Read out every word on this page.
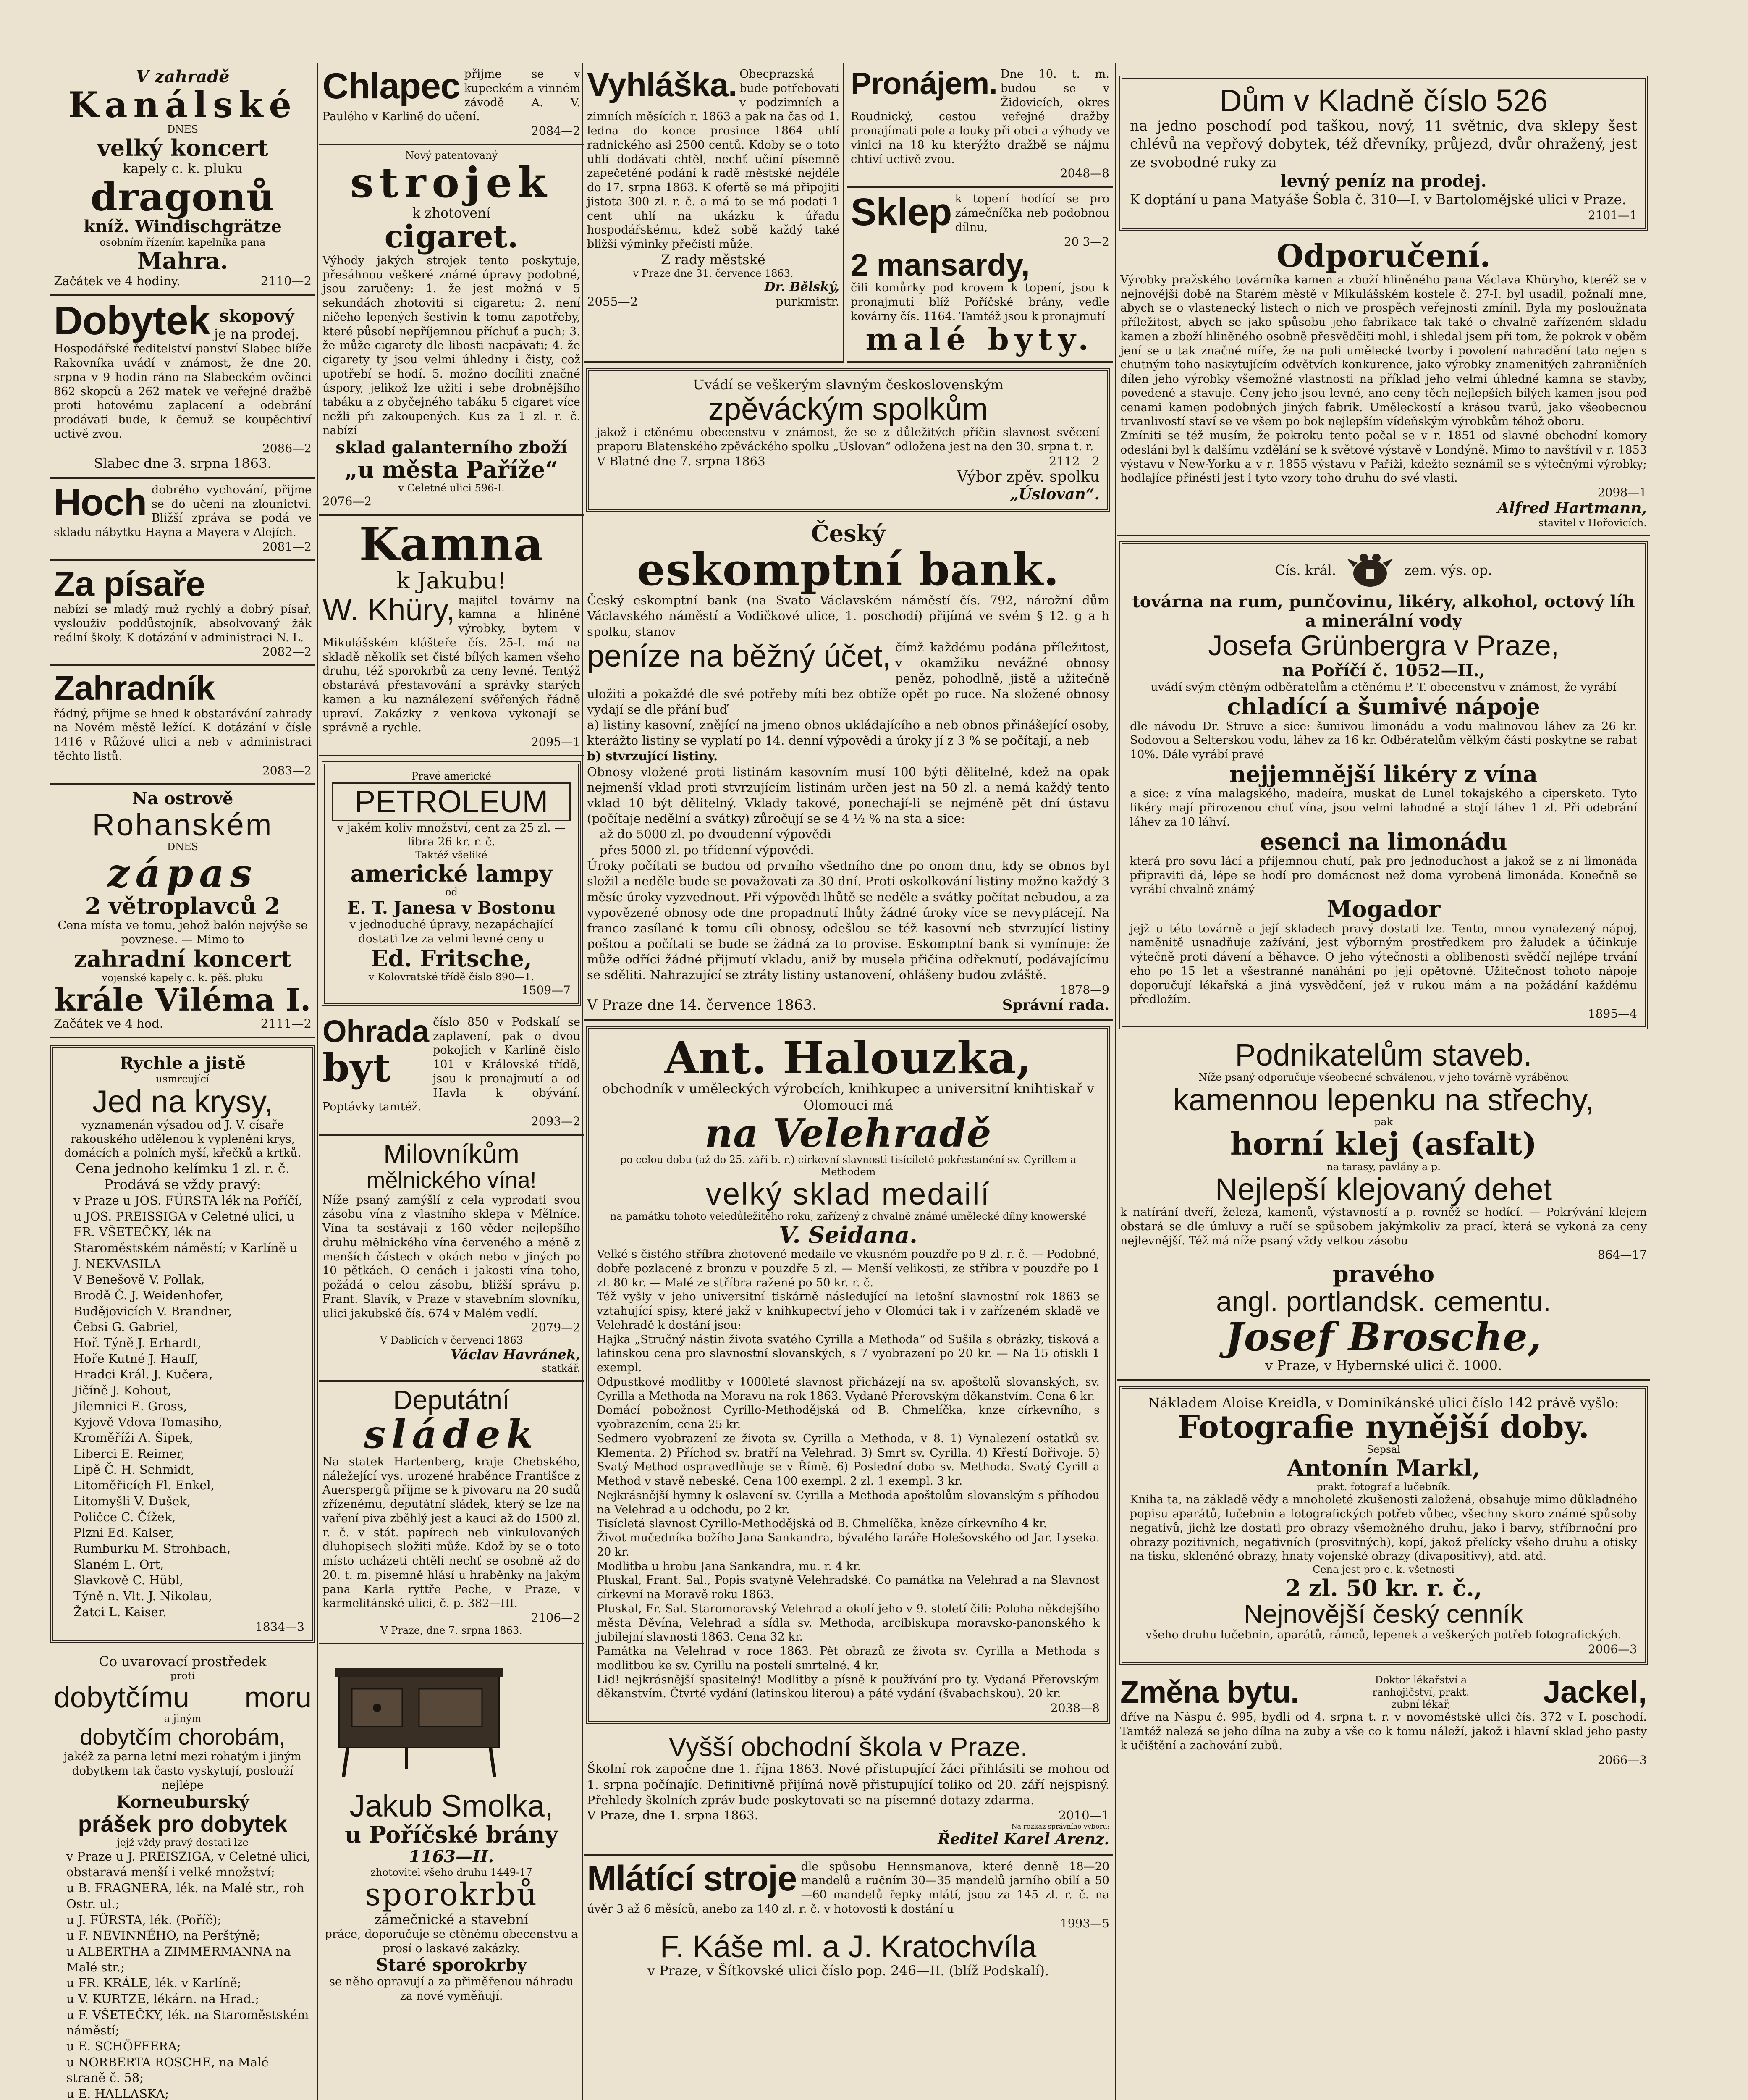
V zahradě
Kanálské
DNES
velký koncert
kapely c. k. pluku
dragonů
kníž. Windischgrätze
osobním řízením kapelníka pana
Mahra.
Začátek ve 4 hodiny.	2110—2
Dobytek skopový
je na prodej.
Hospodářské ředitelství panství Slabec blíže Rakovníka uvádí v známost, že dne 20. srpna v 9 hodin ráno na Slabeckém ovčinci 862 skopců a 262 matek ve veřejné dražbě proti hotovému zaplacení a odebrání prodávati bude, k čemuž se koupěchtiví uctivě zvou.
2086—2
Slabec dne 3. srpna 1863.
Hoch dobrého vychování, přijme se do učení na zlounictví. Bližší zpráva se podá ve skladu nábytku Hayna a Mayera v Alejích.
2081—2
Za písaře
nabízí se mladý muž rychlý a dobrý písař, vyslouživ poddůstojník, absolvovaný žák reální školy. K dotázání v administraci N. L.
2082—2
Zahradník
řádný, přijme se hned k obstarávání zahrady na Novém městě ležící. K dotázání v čísle 1416 v Růžové ulici a neb v administraci těchto listů.
2083—2
Na ostrově
Rohanském
DNES
zápas
2 větroplavců 2
Cena místa ve tomu, jehož balón nejvýše se povznese. — Mimo to
zahradní koncert
vojenské kapely c. k. pěš. pluku
krále Viléma I.
Začátek ve 4 hod.	2111—2
Rychle a jistě
usmrcující
Jed na krysy,
vyznamenán výsadou od J. V. císaře rakouského udělenou k vyplenění krys, domácích a polních myší, křečků a krtků.
Cena jednoho kelímku 1 zl. r. č.
Prodává se vždy pravý:
v Praze u JOS. FÜRSTA lék na Poříčí, u JOS. PREISSIGA v Celetné ulici, u FR. VŠETEČKY, lék na Staroměstském náměstí; v Karlíně u J. NEKVASILA
V Benešově V. Pollak,
Brodě Č. J. Weidenhofer,
Budějovicích V. Brandner,
Čebsi G. Gabriel,
Hoř. Týně J. Erhardt,
Hoře Kutné J. Hauff,
Hradci Král. J. Kučera,
Jičíně J. Kohout,
Jilemnici E. Gross,
Kyjově Vdova Tomasiho,
Kroměříži A. Šipek,
Liberci E. Reimer,
Lipě Č. H. Schmidt,
Litoměřicích Fl. Enkel,
Litomyšli V. Dušek,
Poličce C. Čížek,
Plzni Ed. Kalser,
Rumburku M. Strohbach,
Slaném L. Ort,
Slavkově C. Hübl,
Týně n. Vlt. J. Nikolau,
Žatci L. Kaiser.
1834—3
Co uvarovací prostředek
proti
dobytčímu moru
a jiným
dobytčím chorobám,
jakéž za parna letní mezi rohatým i jiným dobytkem tak často vyskytují, poslouží nejlépe
Korneuburský
prášek pro dobytek
jejž vždy pravý dostati lze
v Praze u J. PREISZIGA, v Celetné ulici, obstaravá menší i velké množství;
u B. FRAGNERA, lék. na Malé str., roh Ostr. ul.;
u J. FÜRSTA, lék. (Poříč);
u F. NEVINNÉHO, na Perštýně;
u ALBERTHA a ZIMMERMANNA na Malé str.;
u FR. KRÁLE, lék. v Karlíně;
u V. KURTZE, lékárn. na Hrad.;
u F. VŠETEČKY, lék. na Staroměstském náměstí;
u E. SCHÖFFERA;
u NORBERTA ROSCHE, na Malé straně č. 58;
u E. HALLASKA;
Chlapec přijme se v kupeckém a vinném závodě A. V. Paulého v Karlině do učení.
2084—2
Nový patentovaný
strojek
k zhotovení
cigaret.
Výhody jakých strojek tento poskytuje, přesáhnou veškeré známé úpravy podobné, jsou zaručeny: 1. že jest možná v 5 sekundách zhotoviti si cigaretu; 2. není ničeho lepených šestivin k tomu zapotřeby, které působí nepříjemnou příchuť a puch; 3. že může cigarety dle libosti nacpávati; 4. že cigarety ty jsou velmi úhledny i čisty, což upotřebí se hodí. 5. možno docíliti značné úspory, jelikož lze užiti i sebe drobnějšího tabáku a z obyčejného tabáku 5 cigaret více nežli při zakoupených. Kus za 1 zl. r. č. nabízí
sklad galanterního zboží
„u města Paříže“
v Celetné ulici 596-I.
2076—2
Kamna
k Jakubu!
W. Khüry, majitel továrny na kamna a hliněné výrobky, bytem v Mikulášském klášteře čís. 25-I. má na skladě několik set čisté bílých kamen všeho druhu, též sporokrbů za ceny levné. Tentýž obstarává přestavování a správky starých kamen a ku naználezení svěřených řádně upraví. Zakázky z venkova vykonají se správně a rychle.
2095—1
Pravé americké
PETROLEUM
v jakém koliv množství, cent za 25 zl. — libra 26 kr. r. č.
Taktéž všeliké
americké lampy
od
E. T. Janesa v Bostonu
v jednoduché úpravy, nezapáchající dostati lze za velmi levné ceny u
Ed. Fritsche,
v Kolovratské třídě číslo 890—1.
1509—7
Ohrada
byt
číslo 850 v Podskalí se zaplavení, pak o dvou pokojích v Karlíně číslo 101 v Královské třídě, jsou k pronajmutí a od Havla k obývání. Poptávky tamtéž.
2093—2
Milovníkům
mělnického vína!
Níže psaný zamýšlí z cela vyprodati svou zásobu vína z vlastního sklepa v Mělníce. Vína ta sestávají z 160 věder nejlepšího druhu mělnického vína červeného a méně z menších částech v okách nebo v jiných po 10 pětkách. O cenách i jakosti vína toho, požádá o celou zásobu, bližší správu p. Frant. Slavík, v Praze v stavebním slovníku, ulici jakubské čís. 674 v Malém vedlí.
2079—2
V Dablicích v červenci 1863
Václav Havránek,
statkář.
Deputátní
sládek
Na statek Hartenberg, kraje Chebského, náležející vys. urozené hraběnce Františce z Auerspergů přijme se k pivovaru na 20 sudů zřízenému, deputátní sládek, který se lze na vaření piva zběhlý jest a kauci až do 1500 zl. r. č. v stát. papírech neb vinkulovaných dluhopisech složiti může. Kdož by se o toto místo ucházeti chtěli nechť se osobně až do 20. t. m. písemně hlásí u hraběnky na jakým pana Karla ryttře Peche, v Praze, v karmelitánské ulici, č. p. 382—III.
2106—2
V Praze, dne 7. srpna 1863.
Jakub Smolka,
u Poříčské brány
1163—II.
zhotovitel všeho druhu 1449-17
sporokrbů
zámečnické a stavební
práce, doporučuje se ctěnému obecenstvu a prosí o laskavé zakázky.
Staré sporokrby
se něho opravují a za přiměřenou náhradu za nové vyměňují.
Vyhláška. Obecprazská bude potřebovati v podzimních a zimních měsících r. 1863 a pak na čas od 1. ledna do konce prosince 1864 uhlí radnického asi 2500 centů. Kdoby se o toto uhlí dodávati chtěl, nechť učiní písemně zapečetěné podání k radě městské nejdéle do 17. srpna 1863. K ofertě se má připojiti jistota 300 zl. r. č. a má to se má podati 1 cent uhlí na ukázku k úřadu hospodářskému, kdež sobě každý také bližší výminky přečísti může.
Z rady městské
v Praze dne 31. července 1863.
Dr. Bělský,
2055—2	purkmistr.
Pronájem. Dne 10. t. m. budou se v Židovicích, okres Roudnický, cestou veřejné dražby pronajímati pole a louky při obci a výhody ve vinici na 18 ku kterýžto dražbě se nájmu chtiví uctivě zvou.
2048—8
Sklep k topení hodící se pro zámečníčka neb podobnou dílnu,
20 3—2
2 mansardy,
čili komůrky pod krovem k topení, jsou k pronajmutí blíž Poříčské brány, vedle kovárny čís. 1164. Tamtéž jsou k pronajmutí
malé byty.
Uvádí se veškerým slavným československým
zpěváckým spolkům
jakož i ctěnému obecenstvu v známost, že se z důležitých příčin slavnost svěcení praporu Blatenského zpěváckého spolku „Úslovan“ odložena jest na den 30. srpna t. r.
V Blatné dne 7. srpna 1863	2112—2
Výbor zpěv. spolku
„Úslovan“.
Český
eskomptní bank.
Český eskomptní bank (na Svato Václavském náměstí čís. 792, nárožní dům Václavského náměstí a Vodičkové ulice, 1. poschodí) přijímá ve svém § 12. g a h spolku, stanov
peníze na běžný účet, čímž každému podána příležitost, v okamžiku nevážné obnosy peněz, pohodlně, jistě a užitečně uložiti a pokaždé dle své potřeby míti bez obtíže opět po ruce. Na složené obnosy vydají se dle přání buď
a) listiny kasovní, znějící na jmeno obnos ukládajícího a neb obnos přinášející osoby, kterážto listiny se vyplatí po 14. denní výpovědi a úroky jí z 3 % se počítají, a neb
b) stvrzující listiny.
Obnosy vložené proti listinám kasovním musí 100 býti dělitelné, kdež na opak nejmenší vklad proti stvrzujícím listinám určen jest na 50 zl. a nemá každý tento vklad 10 být dělitelný. Vklady takové, ponechají-li se nejméně pět dní ústavu (počítaje nedělní a svátky) zůročují se se 4 ½ % na sta a sice:
až do 5000 zl. po dvoudenní výpovědi
přes 5000 zl. po třídenní výpovědi.
Úroky počítati se budou od prvního všedního dne po onom dnu, kdy se obnos byl složil a neděle bude se považovati za 30 dní. Proti oskolkování listiny možno každý 3 měsíc úroky vyzvednout. Při výpovědi lhůtě se neděle a svátky počítat nebudou, a za vypovězené obnosy ode dne propadnutí lhůty žádné úroky více se nevyplácejí. Na franco zasílané k tomu cíli obnosy, odešlou se též kasovní neb stvrzující listiny poštou a počítati se bude se žádná za to provise. Eskomptní bank si vymínuje: že může odříci žádné přijmutí vkladu, aniž by musela přičina odřeknutí, podávajícímu se sděliti. Nahrazující se ztráty listiny ustanovení, ohlášeny budou zvláště.
1878—9
V Praze dne 14. července 1863.	Správní rada.
Ant. Halouzka,
obchodník v uměleckých výrobcích, knihkupec a universitní knihtiskař v Olomouci má
na Velehradě
po celou dobu (až do 25. září b. r.) církevní slavnosti tisícileté pokřestanění sv. Cyrillem a Methodem
velký sklad medailí
na památku tohoto veledůležitého roku, zařízený z chvalně známé umělecké dílny knowerské
V. Seidana.
Velké s čistého stříbra zhotovené medaile ve vkusném pouzdře po 9 zl. r. č. — Podobné, dobře pozlacené z bronzu v pouzdře 5 zl. — Menší velikosti, ze stříbra v pouzdře po 1 zl. 80 kr. — Malé ze stříbra ražené po 50 kr. r. č.
Též vyšly v jeho universitní tiskárně následující na letošní slavnostní rok 1863 se vztahující spisy, které jakž v knihkupectví jeho v Olomúci tak i v zařízeném skladě ve Velehradě k dostání jsou:
Hajka „Stručný nástin života svatého Cyrilla a Methoda“ od Sušila s obrázky, tisková a latinskou cena pro slavnostní slovanských, s 7 vyobrazení po 20 kr. — Na 15 otiskli 1 exempl.
Odpustkové modlitby v 1000leté slavnost přicházejí na sv. apoštolů slovanských, sv. Cyrilla a Methoda na Moravu na rok 1863. Vydané Přerovským děkanstvím. Cena 6 kr.
Domácí pobožnost Cyrillo-Methodějská od B. Chmelíčka, knze církevního, s vyobrazením, cena 25 kr.
Sedmero vyobrazení ze života sv. Cyrilla a Methoda, v 8. 1) Vynalezení ostatků sv. Klementa. 2) Příchod sv. bratří na Velehrad. 3) Smrt sv. Cyrilla. 4) Křestí Bořivoje. 5) Svatý Method ospravedlňuje se v Římě. 6) Poslední doba sv. Methoda. Svatý Cyrill a Method v stavě nebeské. Cena 100 exempl. 2 zl. 1 exempl. 3 kr.
Nejkrásnější hymny k oslavení sv. Cyrilla a Methoda apoštolům slovanským s příhodou na Velehrad a u odchodu, po 2 kr.
Tisícletá slavnost Cyrillo-Methodějská od B. Chmelíčka, kněze církevního 4 kr.
Život mučedníka božího Jana Sankandra, bývalého faráře Holešovského od Jar. Lyseka. 20 kr.
Modlitba u hrobu Jana Sankandra, mu. r. 4 kr.
Pluskal, Frant. Sal., Popis svatyně Velehradské. Co památka na Velehrad a na Slavnost církevní na Moravě roku 1863.
Pluskal, Fr. Sal. Staromoravský Velehrad a okolí jeho v 9. století čili: Poloha někdejšího města Děvína, Velehrad a sídla sv. Methoda, arcibiskupa moravsko-panonského k jubilejní slavnosti 1863. Cena 32 kr.
Památka na Velehrad v roce 1863. Pět obrazů ze života sv. Cyrilla a Methoda s modlitbou ke sv. Cyrillu na postelí smrtelné. 4 kr.
Lid! nejkrásnější spasitelný! Modlitby a písně k používání pro ty. Vydaná Přerovským děkanstvím. Čtvrté vydání (latinskou literou) a páté vydání (švabachskou). 20 kr.
2038—8
Vyšší obchodní škola v Praze.
Školní rok započne dne 1. října 1863. Nové přistupující žáci přihlásiti se mohou od 1. srpna počínajíc. Definitivně přijímá nově přistupující toliko od 20. září nejspisný. Přehledy školních zpráv bude poskytovati se na písemné dotazy zdarma.
V Praze, dne 1. srpna 1863.	2010—1
Na rozkaz správního výboru:
Ředitel Karel Arenz.
Mlátící stroje dle spůsobu Hennsmanova, které denně 18—20 mandelů a ručním 30—35 mandelů jarního obilí a 50—60 mandelů řepky mlátí, jsou za 145 zl. r. č. na úvěr 3 až 6 měsíců, anebo za 140 zl. r. č. v hotovosti k dostání u
1993—5
F. Káše ml. a J. Kratochvíla
v Praze, v Šítkovské ulici číslo pop. 246—II. (blíž Podskalí).
Dům v Kladně číslo 526
na jedno poschodí pod taškou, nový, 11 světnic, dva sklepy šest chlévů na vepřový dobytek, též dřevníky, průjezd, dvůr ohražený, jest ze svobodné ruky za
levný peníz na prodej.
K doptání u pana Matyáše Šobla č. 310—I. v Bartolomějské ulici v Praze.
2101—1
Odporučení.
Výrobky pražského továrníka kamen a zboží hliněného pana Václava Khüryho, kteréž se v nejnovější době na Starém městě v Mikulášském kostele č. 27-I. byl usadil, požnalí mne, abych se o vlastenecký listech o nich ve prospěch veřejnosti zmínil. Byla my posloužnata příležitost, abych se jako spůsobu jeho fabrikace tak také o chvalně zařízeném skladu kamen a zboží hliněného osobně přesvědčiti mohl, i shledal jsem při tom, že pokrok v oběm jení se u tak značné míře, že na poli umělecké tvorby i povolení nahradění tato nejen s chutným toho naskytujícím odvětvích konkurence, jako výrobky znamenitých zahraničních dílen jeho výrobky všemožné vlastnosti na příklad jeho velmi úhledné kamna se stavby, povedené a stavuje. Ceny jeho jsou levné, ano ceny těch nejlepších bílých kamen jsou pod cenami kamen podobných jiných fabrik. Uměleckostí a krásou tvarů, jako všeobecnou trvanlivostí staví se ve všem po bok nejlepším vídeňským výrobkům téhož oboru.
Zmíniti se též musím, že pokroku tento počal se v r. 1851 od slavné obchodní komory odesláni byl k dalšímu vzdělání se k světové výstavě v Londýně. Mimo to navštívil v r. 1853 výstavu v New-Yorku a v r. 1855 výstavu v Paříži, kdežto seznámil se s výtečnými výrobky; hodlajíce přinésti jest i tyto vzory toho druhu do své vlasti.
2098—1
Alfred Hartmann,
stavitel v Hořovicích.
Cís. král.	zem. výs. op.
továrna na rum, punčovinu, likéry, alkohol, octový líh a minerální vody
Josefa Grünbergra v Praze,
na Poříčí č. 1052—II.,
uvádí svým ctěným odběratelům a ctěnému P. T. obecenstvu v známost, že vyrábí
chladící a šumivé nápoje
dle návodu Dr. Struve a sice: šumivou limonádu a vodu malinovou láhev za 26 kr. Sodovou a Selterskou vodu, láhev za 16 kr. Odběratelům vělkým částí poskytne se rabat 10%. Dále vyrábí pravé
nejjemnější likéry z vína
a sice: z vína malagského, madeíra, muskat de Lunel tokajského a cipersketo. Tyto likéry mají přirozenou chuť vína, jsou velmi lahodné a stojí láhev 1 zl. Při odebrání láhev za 10 láhví.
esenci na limonádu
která pro sovu lácí a příjemnou chutí, pak pro jednoduchost a jakož se z ní limonáda připraviti dá, lépe se hodí pro domácnost než doma vyrobená limonáda. Konečně se vyrábí chvalně známý
Mogador
jejž u této továrně a její skladech pravý dostati lze. Tento, mnou vynalezený nápoj, naměnitě usnadňuje zažívání, jest výborným prostředkem pro žaludek a účinkuje výtečně proti dávení a běhavce. O jeho výtečnosti a oblibenosti svědčí nejlépe trvání eho po 15 let a všestranné nanáhání po jeji opětovné. Užitečnost tohoto nápoje doporučují lékařská a jiná vysvědčení, jež v rukou mám a na požádání každému předložím.
1895—4
Podnikatelům staveb.
Níže psaný odporučuje všeobecné schválenou, v jeho továrně vyráběnou
kamennou lepenku na střechy,
pak
horní klej (asfalt)
na tarasy, pavlány a p.
Nejlepší klejovaný dehet
k natírání dveří, železa, kamenů, výstavností a p. rovněž se hodící. — Pokrývání klejem obstará se dle úmluvy a ručí se spůsobem jakýmkoliv za prací, která se vykoná za ceny nejlevnější. Též má níže psaný vždy velkou zásobu
864—17
pravého
angl. portlandsk. cementu.
Josef Brosche,
v Praze, v Hybernské ulici č. 1000.
Nákladem Aloise Kreidla, v Dominikánské ulici číslo 142 právě vyšlo:
Fotografie nynější doby.
Sepsal
Antonín Markl,
prakt. fotograf a lučebník.
Kniha ta, na základě vědy a mnoholeté zkušenosti založená, obsahuje mimo důkladného popisu aparátů, lučebnin a fotografických potřeb vůbec, všechny skoro známé spůsoby negativů, jichž lze dostati pro obrazy všemožného druhu, jako i barvy, stříbrnoční pro obrazy pozitivních, negativních (prosvitných), kopí, jakož přelícky všeho druhu a otisky na tisku, skleněné obrazy, hnaty vojenské obrazy (divapositivy), atd. atd.
Cena jest pro c. k. všetnosti
2 zl. 50 kr. r. č.,
Nejnovější český cenník
všeho druhu lučebnin, aparátů, rámců, lepenek a veškerých potřeb fotografických.
2006—3
Změna bytu.	Doktor lékařství a ranhojičství, prakt. zubní lékař,	Jackel,
dříve na Náspu č. 995, bydlí od 4. srpna t. r. v novoměstské ulici čís. 372 v I. poschodí. Tamtéž nalezá se jeho dílna na zuby a vše co k tomu náleží, jakož i hlavní sklad jeho pasty k učištění a zachování zubů.
2066—3
